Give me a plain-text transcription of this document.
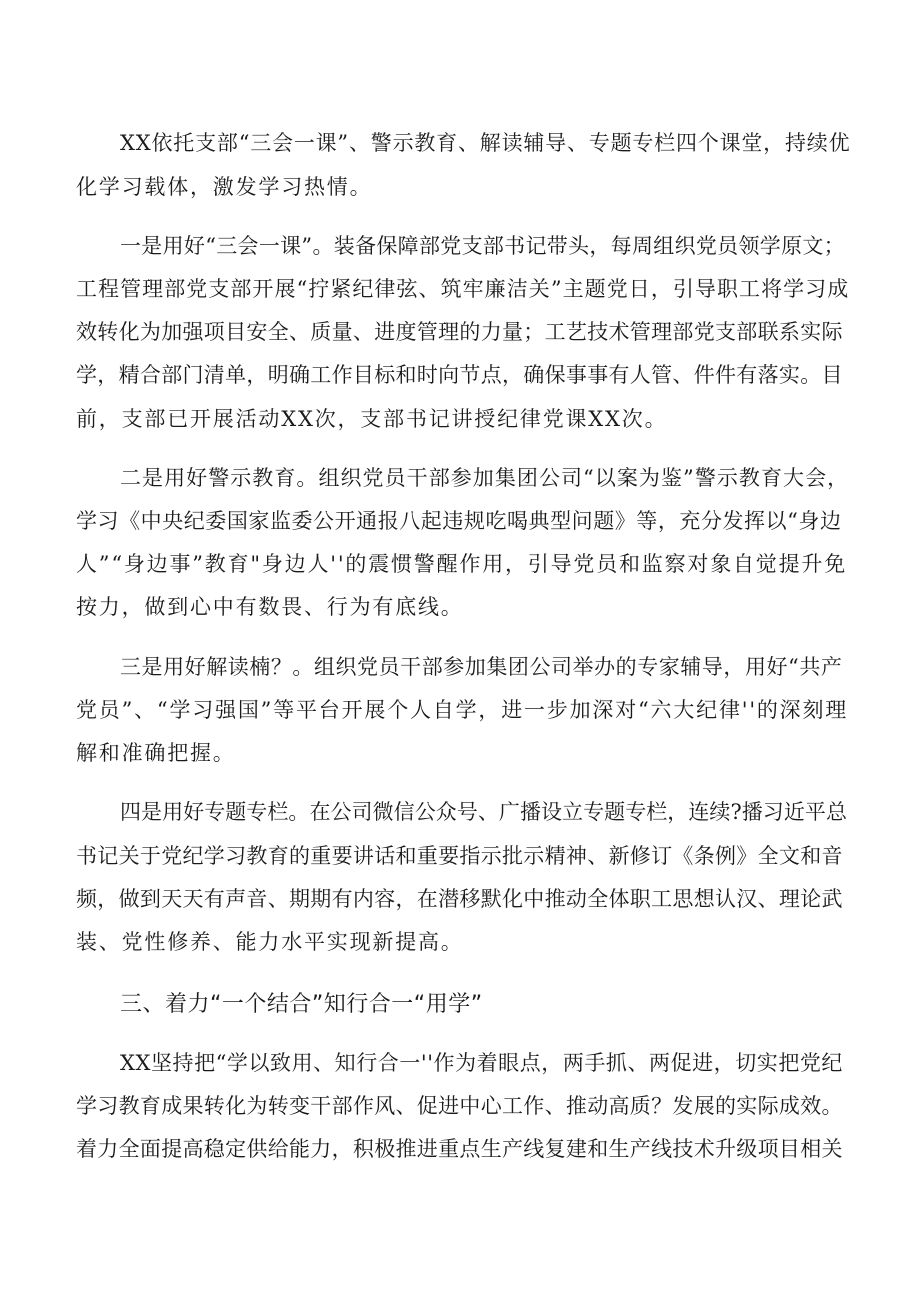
XX依托支部“三会一课”、警示教育、解读辅导、专题专栏四个课堂，持续优
化学习载体，激发学习热情。
一是用好“三会一课”。装备保障部党支部书记带头，每周组织党员领学原文；
工程管理部党支部开展“拧紧纪律弦、筑牢廉洁关”主题党日，引导职工将学习成
效转化为加强项目安全、质量、进度管理的力量；工艺技术管理部党支部联系实际
学，精合部门清单，明确工作目标和时向节点，确保事事有人管、件件有落实。目
前，支部已开展活动XX次，支部书记讲授纪律党课XX次。
二是用好警示教育。组织党员干部参加集团公司“以案为鉴”警示教育大会，
学习《中央纪委国家监委公开通报八起违规吃喝典型问题》等，充分发挥以“身边
人”“身边事”教育"身边人''的震惯警醒作用，引导党员和监察对象自觉提升免
按力，做到心中有数畏、行为有底线。
三是用好解读楠？。组织党员干部参加集团公司举办的专家辅导，用好“共产
党员”、“学习强国”等平台开展个人自学，进一步加深对“六大纪律''的深刻理
解和准确把握。
四是用好专题专栏。在公司微信公众号、广播设立专题专栏，连续?播习近平总
书记关于党纪学习教育的重要讲话和重要指示批示精神、新修订《条例》全文和音
频，做到天天有声音、期期有内容，在潜移默化中推动全体职工思想认汉、理论武
装、党性修养、能力水平实现新提高。
三、着力“一个结合”知行合一“用学”
XX坚持把“学以致用、知行合一''作为着眼点，两手抓、两促进，切实把党纪
学习教育成果转化为转变干部作风、促进中心工作、推动高质？发展的实际成效。
着力全面提高稳定供给能力，积极推进重点生产线复建和生产线技术升级项目相关
